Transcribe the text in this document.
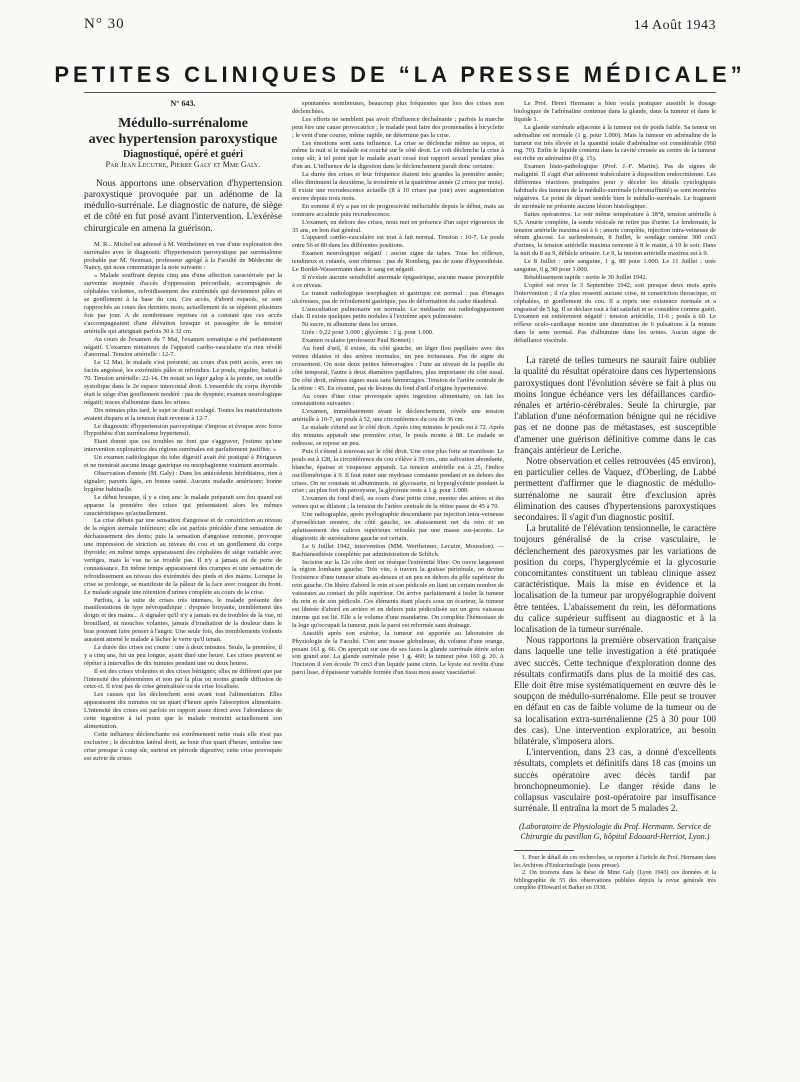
N° 30	14 Août 1943
PETITES CLINIQUES DE “LA PRESSE MÉDICALE”
N° 643.
Médullo-surrénalome
avec hypertension paroxystique
Diagnostiqué, opéré et guéri
Par Jean Lecutre, Pierre Galy et Mme Galy.

Nous apportons une observation d'hypertension paroxystique provoquée par un adénome de la médullo-surrénale. Le diagnostic de nature, de siège et de côté en fut posé avant l'intervention. L'exérèse chirurgicale en amena la guérison.

M. R... Michel est adressé à M. Wertheimer en vue d'une exploration des surrénales avec le diagnostic d'hypertension paroxystique par surrénalome probable par M. Neuman, professeur agrégé à la Faculté de Médecine de Nancy, qui nous communique la note suivante :

« Malade souffrant depuis cinq ans d'une affection caractérisée par la survenue inopinée d'accès d'oppression précordiale, accompagnés de céphalées violentes, refroidissement des extrémités qui deviennent pâles et se gonflement à la base du cou. Ces accès, d'abord espacés, se sont rapprochés au cours des derniers mois; actuellement ils se répètent plusieurs fois par jour. A de nombreuses reprises on a constaté que ces accès s'accompagnaient d'une élévation brusque et passagère de la tension artérielle qui atteignait parfois 30 à 32 cm.

Au cours de l'examen du 7 Mai, l'examen somatique a été parfaitement négatif. L'examen minutieux de l'appareil cardio-vasculaire n'a rien révélé d'anormal. Tension artérielle : 12-7.

Le 12 Mai, le malade s'est présenté, au cours d'un petit accès, avec un faciès angoissé, les extrémités pâles et refroidies. Le pouls, régulier, battait à 70. Tension artérielle: 22-14. On notait un léger galop à la pointe, un souffle systolique dans le 2e espace intercostal droit. L'ensemble du corps thyroïde était le siège d'un gonflement modéré : pas de dyspnée; examen neurologique négatif; traces d'albumine dans les urines.

Dix minutes plus tard, le sujet se disait soulagé. Toutes les manifestations avaient disparu et la tension était revenue à 12-7.

Le diagnostic d'hypertension paroxystique s'impose et évoque avec force l'hypothèse d'un surrénalome hypertensif.

Etant donné que ces troubles ne font que s'aggraver, j'estime qu'une intervention exploratrice des régions surrénales est parfaitement justifiée. »

Un examen radiologique du tube digestif avait été pratiqué à Périgueux et ne montrait aucune image gastrique ou œsophagienne vraiment anormale.

Observation d'entrée (M. Galy) : Dans les antécédents héréditaires, rien à signaler; parents âgés, en bonne santé. Aucune maladie antérieure; bonne hygiène habituelle.

Le début brusque, il y a cinq ans: le malade préparait son feu quand est apparue la première des crises qui présentaient alors les mêmes caractéristiques qu'actuellement.

La crise débute par une sensation d'angoisse et de constriction au niveau de la région sternale inférieure; elle est parfois précédée d'une sensation de déchaussement des dents; puis la sensation d'angoisse remonte, provoque une impression de striction au niveau du cou et un gonflement du corps thyroïde; en même temps apparaissent des céphalées de siège variable avec vertiges, mais la vue ne se trouble pas. Il n'y a jamais eu de perte de connaissance. En même temps apparaissent des crampes et une sensation de refroidissement au niveau des extrémités des pieds et des mains. Lorsque la crise se prolonge, se manifeste de la pâleur de la face avec rougeur du front. Le malade signale une rétention d'urines complète au cours de la crise.

Parfois, à la suite de crises très intenses, le malade présente des manifestations de type névropathique : dyspnée bruyante, tremblement des doigts et des mains... A signaler qu'il n'y a jamais eu de troubles de la vue, ni brouillard, ni mouches volantes, jamais d'irradiation de la douleur dans le bras pouvant faire penser à l'angor. Une seule fois, des tremblements violents auraient amené le malade à lâcher le verre qu'il tenait.

La durée des crises est courte : une à deux minutes. Seule, la première, il y a cinq ans, fut un peu longue, ayant duré une heure. Les crises peuvent se répéter à intervalles de dix minutes pendant une ou deux heures.

Il est des crises violentes et des crises bénignes; elles ne diffèrent que par l'intensité des phénomènes et non par la plus ou moins grande diffusion de ceux-ci. Il n'est pas de crise généralisée ou de crise localisée.

Les causes qui les déclenchent sont avant tout l'alimentation. Elles apparaissent dix minutes ou un quart d'heure après l'absorption alimentaire. L'intensité des crises est parfois en rapport assez direct avec l'abondance de cette ingestion à tel point que le malade restreint actuellement son alimentation.

Cette influence déclenchante est extrêmement nette mais elle n'est pas exclusive ; le décubitus latéral droit, au bout d'un quart d'heure, entraîne une crise presque à coup sûr, surtout en période digestive; cette crise provoquée est suivie de crises

spontanées nombreuses, beaucoup plus fréquentes que lors des crises non déclenchées.

Les efforts ne semblent pas avoir d'influence déchaînante ; parfois la marche peut être une cause provocatrice ; le malade peut faire des promenades à bicyclette ; le vent d'une course, même rapide, ne détermine pas la crise.

Les émotions sont sans influence. La crise se déclenche même au repos, et même la nuit si le malade est couché sur le côté droit. Le coït déclenche la crise à coup sûr, à tel point que le malade avait cessé tout rapport sexuel pendant plus d'un an. L'influence de la digestion dans le déclenchement paraît donc certaine.

La durée des crises et leur fréquence étaient très grandes la première année; elles diminuent la deuxième, la troisième et la quatrième année (2 crises par mois). Il existe une recrudescence actuelle (8 à 10 crises par jour) avec augmentation encore depuis trois mois.

En somme il n'y a pas eu de progressivité inéluctable depuis le début, mais au contraire accalmie puis recrudescence.

L'examen, en dehors des crises, nous met en présence d'un sujet vigoureux de 35 ans, en bon état général.

L'appareil cardio-vasculaire est tout à fait normal. Tension : 10-7. Le pouls entre 56 et 80 dans les différentes positions.

Examen neurologique négatif : aucun signe de tabes. Tous les réflexes, tendineux et cutanés, sont obtenus : pas de Romberg, pas de zone d'hypoesthésie. Le Bordet-Wassermann dans le sang est négatif.

Il n'existe aucune sensibilité anormale épigastrique, aucune masse perceptible à ce niveau.

Le transit radiologique œsophagien et gastrique est normal : pas d'images ulcéreuses, pas de refoulement gastrique, pas de déformation du cadre duodénal.

L'auscultation pulmonaire est normale. Le médiastin est radiologiquement clair. Il existe quelques petits nodules à l'extrême apex pulmonaire.

Ni sucre, ni albumine dans les urines.

Urée : 0,22 pour 1.000 ; glycémie : 1 g. pour 1.000.

Examen oculaire (professeur Paul Bonnet) :

Au fond d'œil, il existe, du côté gauche, un léger flou papillaire avec des veines dilatées et des artères normales, un peu tortueuses. Pas de signe du croisement. On note deux petites hémorragies : l'une au niveau de la papille du côté temporal, l'autre à deux diamètres papillaires, plus importante du côté nasal. Du côté droit, mêmes signes mais sans hémorragies. Tension de l'artère centrale de la rétine : 45. En résumé, pas de lésions du fond d'œil d'origine hypertensive.

Au cours d'une crise provoquée après ingestion alimentaire, on fait les constatations suivantes :

L'examen, immédiatement avant le déclenchement, révèle une tension artérielle à 10-7, un pouls à 52, une circonférence du cou de 36 cm.

Le malade s'étend sur le côté droit. Après cinq minutes le pouls est à 72. Après dix minutes apparaît une première crise, le pouls monte à 88. Le malade se redresse, se repose un peu.

Puis il s'étend à nouveau sur le côté droit. Une crise plus forte se manifeste. Le pouls est à 128, la circonférence du cou s'élève à 39 cm., une salivation abondante, blanche, épaisse et visqueuse apparaît. La tension artérielle est à 25, l'indice oscillométrique à 9. Il faut noter une mydriase constante pendant et en dehors des crises. On ne constate ni albuminurie, ni glycosurie, ni hyperglycémie pendant la crise ; au plus fort du paroxysme, la glycémie reste à 1 g. pour 1.000.

L'examen du fond d'œil, au cours d'une petite crise, montre des artères et des veines qui se dilatent ; la tension de l'artère centrale de la rétine passe de 45 à 70.

Une radiographie, après pyélographie descendante par injection intra-veineuse d'uroséléctan montre, du côté gauche, un abaissement net du rein et un aplatissement des calices supérieurs refoulés par une masse sus-jacente. Le diagnostic de surrénalome gauche est certain.

Le 6 Juillet 1942, intervention (MM. Wertheimer, Lecuire, Mouselon). — Rachianesthésie complétée par administration de Schlich.

Incision sur la 12e côte dont on résèque l'extrémité libre. On ouvre largement la région lombaire gauche. Très vite, à travers la graisse périrénale, on devine l'existence d'une tumeur située au-dessus et un peu en dehors du pôle supérieur du rein gauche. On libère d'abord le rein et son pédicule en liant un certain nombre de vaisseaux au contact du pôle supérieur. On arrive parfaitement à isoler la tumeur du rein et de son pédicule. Ces éléments étant placés sous un écarteur, la tumeur est libérée d'abord en arrière et en dehors puis pédiculisée sur un gros vaisseau interne qui est lié. Elle a le volume d'une mandarine. On complète l'hémostase de la loge qu'occupait la tumeur, puis la paroi est refermée sans drainage.

Aussitôt après son exérèse, la tumeur est apportée au laboratoire de Physiologie de la Faculté. C'est une masse globuleuse, du volume d'une orange, pesant 161 g. 66. On aperçoit sur une de ses faces la glande surrénale étirée selon son grand axe. La glande surrénale pèse 1 g. 460; la tumeur pèse 160 g. 20. A l'incision il s'en écoule 70 cm3 d'un liquide jaune citrin. Le kyste est revêtu d'une paroi lisse, d'épaisseur variable formée d'un tissu mou assez vascularisé.

Le Prof. Henri Hermann a bien voulu pratiquer aussitôt le dosage biologique de l'adrénaline contenue dans la glande, dans la tumeur et dans le liquide 1.

La glande surrénale adjacente à la tumeur est de poids faible. Sa teneur en adrénaline est normale (1 g. pour 1.000). Mais la tumeur en adrénaline de la tumeur est très élevée et la quantité totale d'adrénaline est considérable (960 mg. 70). Enfin le liquide contenu dans la cavité creusée au centre de la tumeur est riche en adrénaline (0 g. 15).

Examen histo-pathologique (Prof. J.-F. Martin). Pas de signes de malignité. Il s'agit d'un adénome trabéculaire à disposition endocrinienne. Les différentes réactions pratiquées pour y déceler les détails cytologiques habituels des tumeurs de la médullo-surrénale (chromaffinité) se sont montrées négatives. Le point de départ semble bien le médullo-surrénale. Le fragment de surrénale ne présente aucune lésion histologique.

Suites opératoires. Le soir même température à 38°8, tension artérielle à 6,5. Anurie complète, la sonde vésicale ne retire pas d'urine. Le lendemain, la tension artérielle maxima est à 6 ; anurie complète, injection intra-veineuse de sérum glucosé. Le surlendemain, 8 Juillet, le sondage ramène 300 cm3 d'urines, la tension artérielle maxima remonte à 8 le matin, à 10 le soir. Dans la nuit du 8 au 9, débâcle urinaire. Le 9, la tension artérielle maxima est à 9.

Le 8 Juillet : urée sanguine, 1 g. 80 pour 1.000. Le 11 Juillet : urée sanguine, 0 g. 90 pour 1.000.

Rétablissement rapide : sortie le 30 Juillet 1942.

L'opéré est revu le 3 Septembre 1942, soit presque deux mois après l'intervention ; il n'a plus ressenti aucune crise, ni constriction thoracique, ni céphalées, ni gonflement du cou. Il a repris une existence normale et a engraissé de 5 kg. Il se déclare tout à fait satisfait et se considère comme guéri. L'examen est entièrement négatif : tension artérielle, 11-6 ; pouls à 60. Le réflexe oculo-cardiaque montre une diminution de 6 pulsations à la minute dans le sens normal. Pas d'albumine dans les urines. Aucun signe de défaillance viscérale.

La rareté de telles tumeurs ne saurait faire oublier la qualité du résultat opératoire dans ces hypertensions paroxystiques dont l'évolution sévère se fait à plus ou moins longue échéance vers les défaillances cardio-rénales et artério-cérébrales. Seule la chirurgie, par l'ablation d'une néoformation bénigne qui ne récidive pas et ne donne pas de métastases, est susceptible d'amener une guérison définitive comme dans le cas français antérieur de Leriche.

Notre observation et celles retrouvées (45 environ), en particulier celles de Vaquez, d'Oberling, de Labbé permettent d'affirmer que le diagnostic de médullo-surrénalome ne saurait être d'exclusion après élimination des causes d'hypertensions paroxystiques secondaires. Il s'agit d'un diagnostic positif.

La brutalité de l'élévation tensionnelle, le caractère toujours généralisé de la crise vasculaire, le déclenchement des paroxysmes par les variations de position du corps, l'hyperglycémie et la glycosurie concomitantes constituent un tableau clinique assez caractéristique. Mais la mise en évidence et la localisation de la tumeur par uropyélographie doivent être tentées. L'abaissement du rein, les déformations du calice supérieur suffisent au diagnostic et à la localisation de la tumeur surrénale.

Nous rapportons la première observation française dans laquelle une telle investigation a été pratiquée avec succès. Cette technique d'exploration donne des résultats confirmatifs dans plus de la moitié des cas. Elle doit être mise systématiquement en œuvre dès le soupçon de médullo-surrénalome. Elle peut se trouver en défaut en cas de faible volume de la tumeur ou de sa localisation extra-surrénalienne (25 à 30 pour 100 des cas). Une intervention exploratrice, au besoin bilatérale, s'imposera alors.

L'intervention, dans 23 cas, a donné d'excellents résultats, complets et définitifs dans 18 cas (moins un succès opératoire avec décès tardif par bronchopneumonie). Le danger réside dans le collapsus vasculaire post-opératoire par insuffisance surrénale. Il entraîna la mort de 5 malades 2.

(Laboratoire de Physiologie du Prof. Hermann. Service de Chirurgie du pavillon G, hôpital Edouard-Herriot, Lyon.)

1. Pour le détail de ces recherches, se reporter à l'article du Prof. Hermann dans les Archives d'Endocrinologie (sous presse).

2. On trouvera dans la thèse de Mme Galy (Lyon 1943) ces données et la bibliographie de 55 des observations publiées depuis la revue générale très complète d'Howard et Barker en 1938.
